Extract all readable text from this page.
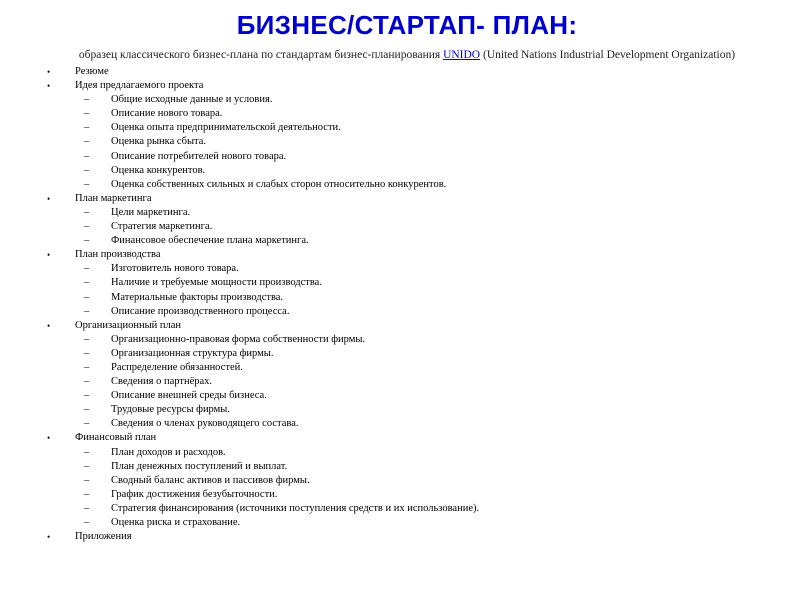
БИЗНЕС/СТАРТАП- ПЛАН:

образец классического бизнес-плана по стандартам бизнес-планирования UNIDO (United Nations Industrial Development Organization)

• Резюме
• Идея предлагаемого проекта
– Общие исходные данные и условия.
– Описание нового товара.
– Оценка опыта предпринимательской деятельности.
– Оценка рынка сбыта.
– Описание потребителей нового товара.
– Оценка конкурентов.
– Оценка собственных сильных и слабых сторон относительно конкурентов.
• План маркетинга
– Цели маркетинга.
– Стратегия маркетинга.
– Финансовое обеспечение плана маркетинга.
• План производства
– Изготовитель нового товара.
– Наличие и требуемые мощности производства.
– Материальные факторы производства.
– Описание производственного процесса.
• Организационный план
– Организационно-правовая форма собственности фирмы.
– Организационная структура фирмы.
– Распределение обязанностей.
– Сведения о партнёрах.
– Описание внешней среды бизнеса.
– Трудовые ресурсы фирмы.
– Сведения о членах руководящего состава.
• Финансовый план
– План доходов и расходов.
– План денежных поступлений и выплат.
– Сводный баланс активов и пассивов фирмы.
– График достижения безубыточности.
– Стратегия финансирования (источники поступления средств и их использование).
– Оценка риска и страхование.
• Приложения
